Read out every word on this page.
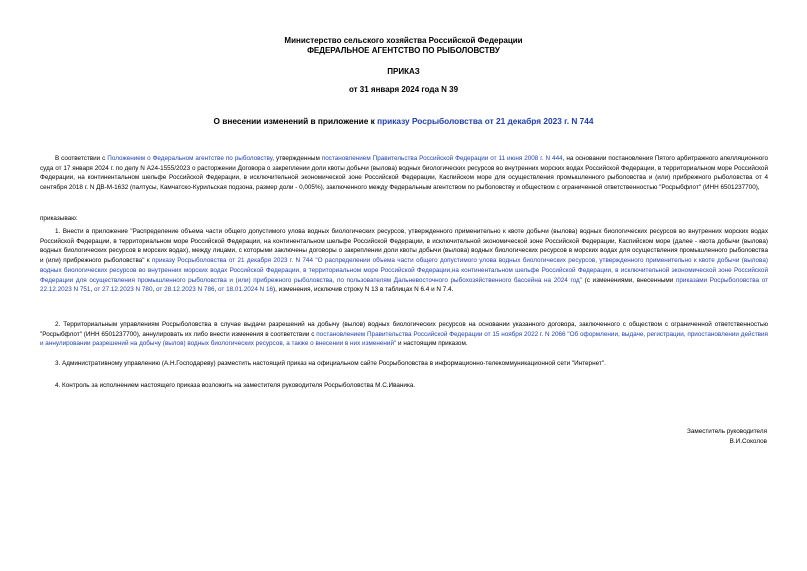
Министерство сельского хозяйства Российской Федерации
ФЕДЕРАЛЬНОЕ АГЕНТСТВО ПО РЫБОЛОВСТВУ
ПРИКАЗ
от 31 января 2024 года N 39
О внесении изменений в приложение к приказу Росрыболовства от 21 декабря 2023 г. N 744
В соответствии с Положением о Федеральном агентстве по рыболовству, утвержденным постановлением Правительства Российской Федерации от 11 июня 2008 г. N 444, на основании постановления Пятого арбитражного апелляционного суда от 17 января 2024 г. по делу N А24-1555/2023 о расторжении Договора о закреплении доли квоты добычи (вылова) водных биологических ресурсов во внутренних морских водах Российской Федерации, в территориальном море Российской Федерации, на континентальном шельфе Российской Федерации, в исключительной экономической зоне Российской Федерации, Каспийском море для осуществления промышленного рыболовства и (или) прибрежного рыболовства от 4 сентября 2018 г. N ДВ-М-1632 (палтусы, Камчатско-Курильская подзона, размер доли - 0,005%), заключенного между Федеральным агентством по рыболовству и обществом с ограниченной ответственностью "Росрыбфлот" (ИНН 6501237700),
приказываю:
1. Внести в приложение "Распределение объема части общего допустимого улова водных биологических ресурсов, утвержденного применительно к квоте добычи (вылова) водных биологических ресурсов во внутренних морских водах Российской Федерации, в территориальном море Российской Федерации, на континентальном шельфе Российской Федерации, в исключительной экономической зоне Российской Федерации, Каспийском море (далее - квота добычи (вылова) водных биологических ресурсов в морских водах), между лицами, с которыми заключены договоры о закреплении доли квоты добычи (вылова) водных биологических ресурсов в морских водах для осуществления промышленного рыболовства и (или) прибрежного рыболовства" к приказу Росрыболовства от 21 декабря 2023 г. N 744 "О распределении объема части общего допустимого улова водных биологических ресурсов, утвержденного применительно к квоте добычи (вылова) водных биологических ресурсов во внутренних морских водах Российской Федерации, в территориальном море Российской Федерации,на континентальном шельфе Российской Федерации, в исключительной экономической зоне Российской Федерации для осуществления промышленного рыболовства и (или) прибрежного рыболовства, по пользователям Дальневосточного рыбохозяйственного бассейна на 2024 год" (с изменениями, внесенными приказами Росрыболовства от 22.12.2023 N 751, от 27.12.2023 N 780, от 28.12.2023 N 786, от 18.01.2024 N 16), изменения, исключив строку N 13 в таблицах N 6.4 и N 7.4.
2. Территориальным управлениям Росрыболовства в случае выдачи разрешений на добычу (вылов) водных биологических ресурсов на основании указанного договора, заключенного с обществом с ограниченной ответственностью "Росрыбфлот" (ИНН 6501237700), аннулировать их либо внести изменения в соответствии с постановлением Правительства Российской Федерации от 15 ноября 2022 г. N 2066 "Об оформлении, выдаче, регистрации, приостановлении действия и аннулировании разрешений на добычу (вылов) водных биологических ресурсов, а также о внесении в них изменений" и настоящим приказом.
3. Административному управлению (А.Н.Господареву) разместить настоящий приказ на официальном сайте Росрыболовства в информационно-телекоммуникационной сети "Интернет".
4. Контроль за исполнением настоящего приказа возложить на заместителя руководителя Росрыболовства М.С.Иваника.
Заместитель руководителя
В.И.Соколов
